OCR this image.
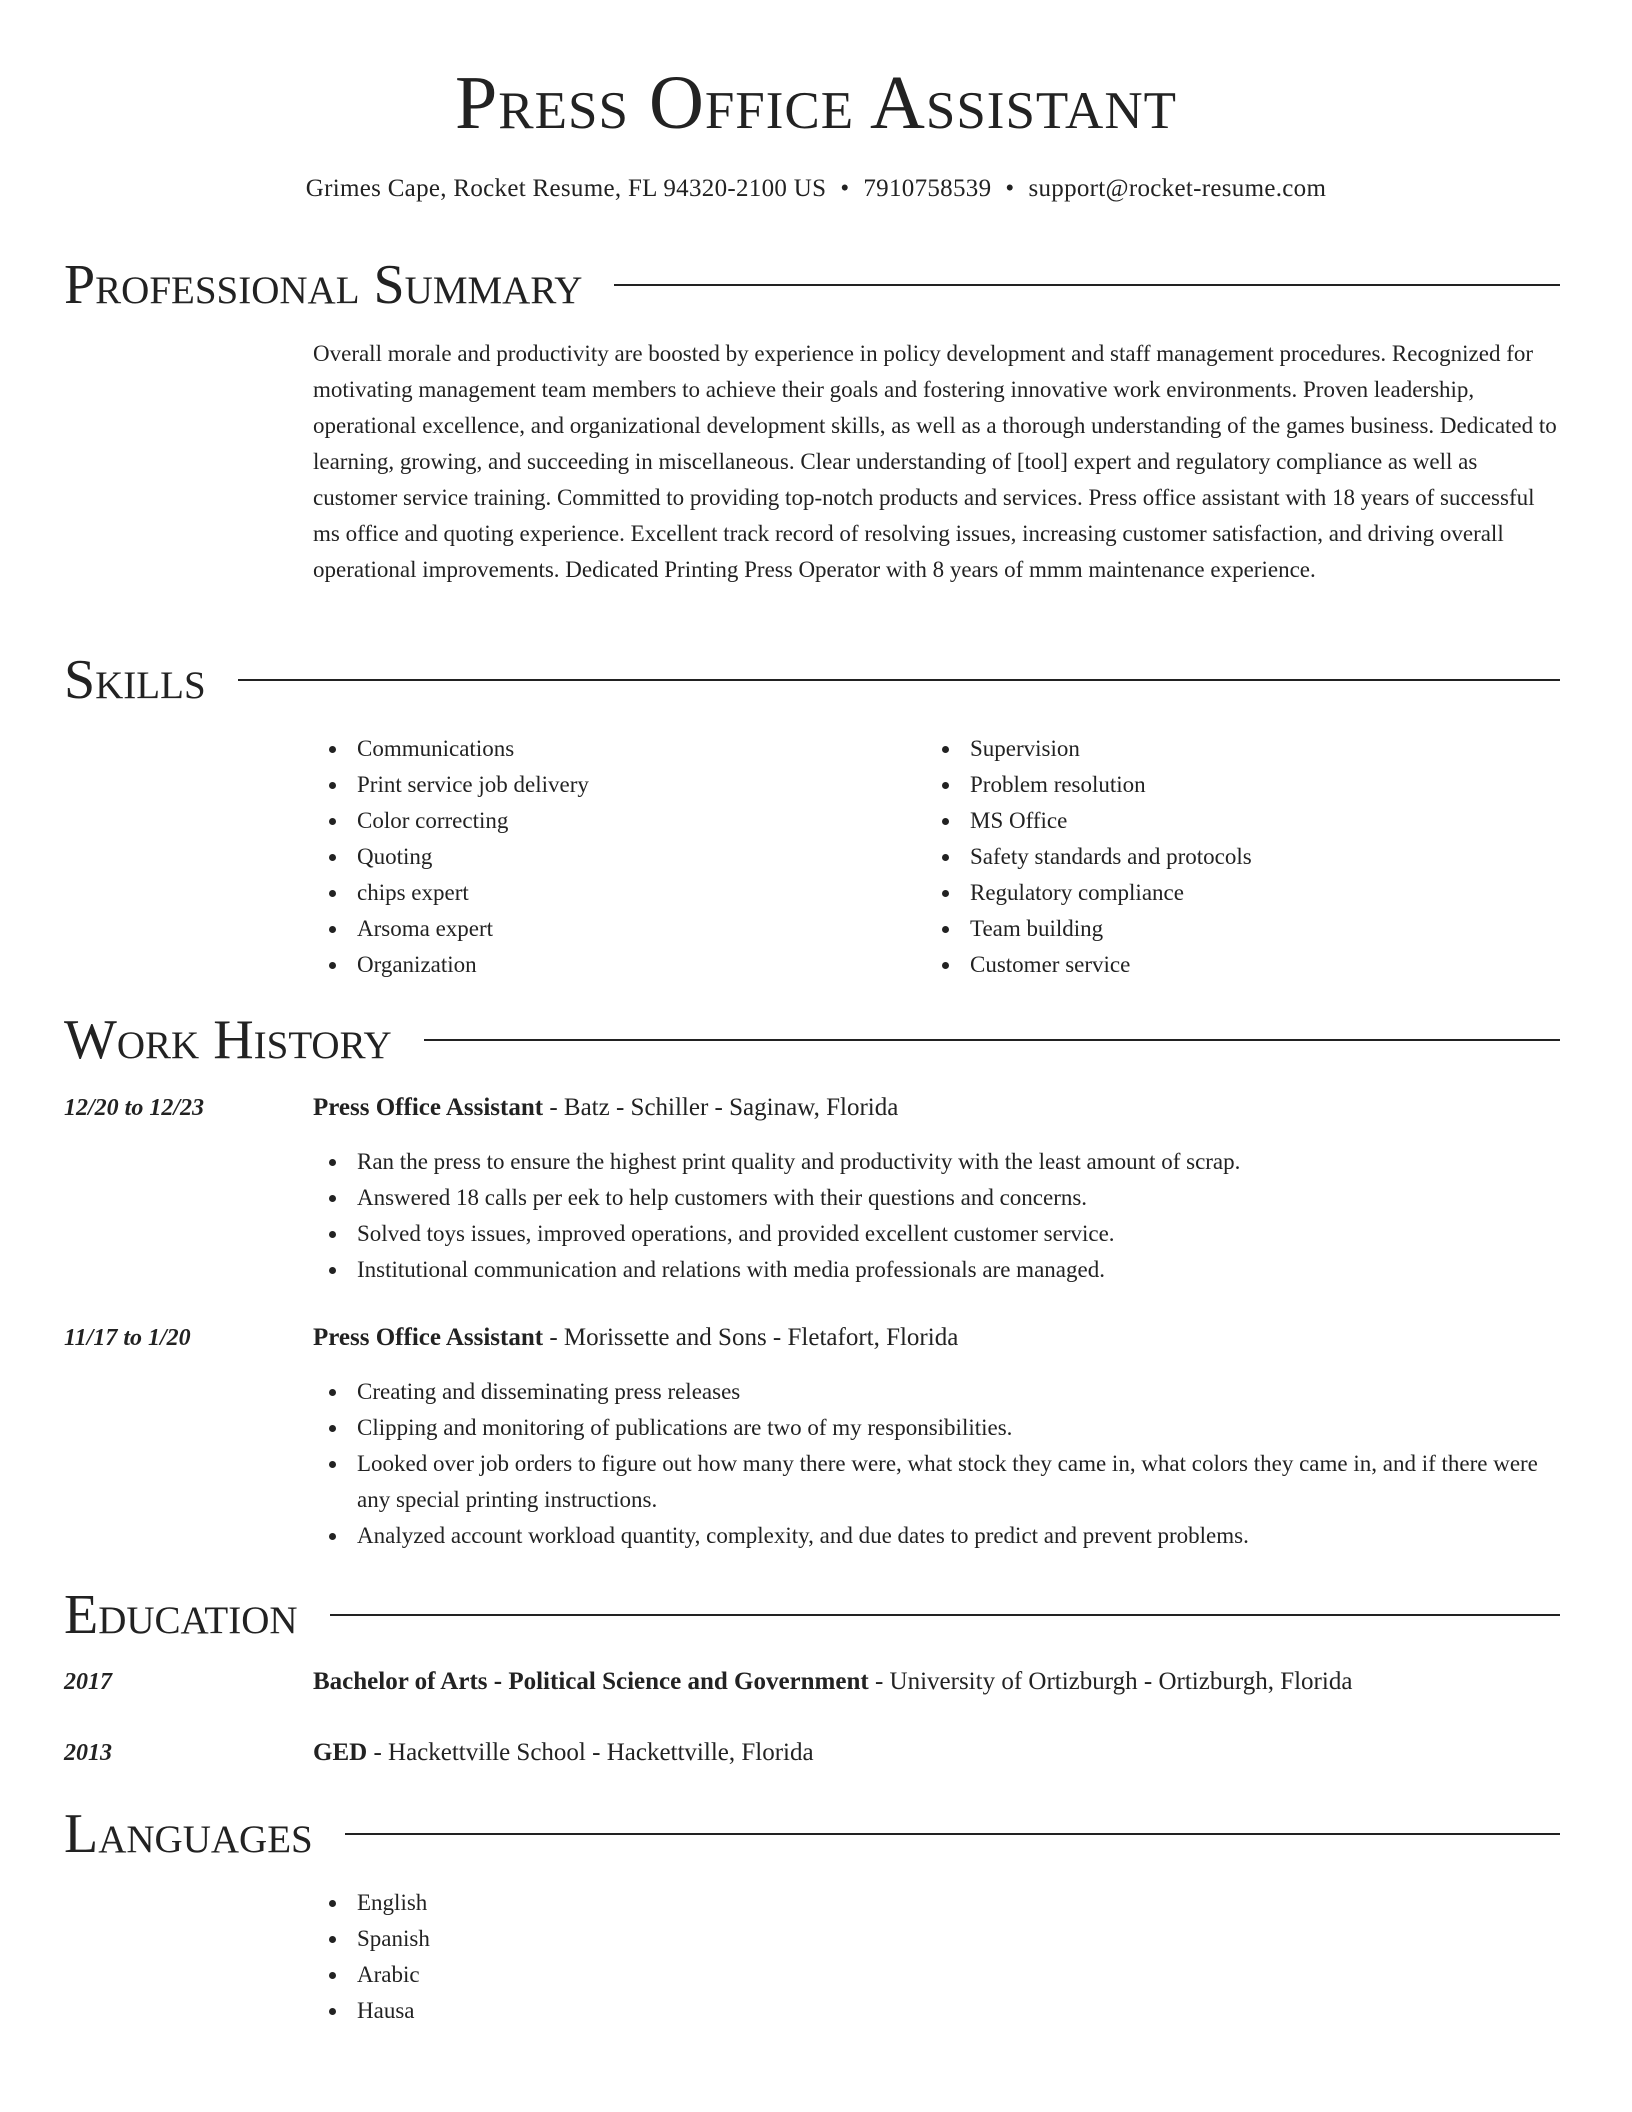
Press Office Assistant
Grimes Cape, Rocket Resume, FL 94320-2100 US • 7910758539 • support@rocket-resume.com
Professional Summary

Overall morale and productivity are boosted by experience in policy development and staff management procedures. Recognized for motivating management team members to achieve their goals and fostering innovative work environments. Proven leadership, operational excellence, and organizational development skills, as well as a thorough understanding of the games business. Dedicated to learning, growing, and succeeding in miscellaneous. Clear understanding of [tool] expert and regulatory compliance as well as customer service training. Committed to providing top-notch products and services. Press office assistant with 18 years of successful ms office and quoting experience. Excellent track record of resolving issues, increasing customer satisfaction, and driving overall operational improvements. Dedicated Printing Press Operator with 8 years of mmm maintenance experience.

Skills
Communications
Print service job delivery
Color correcting
Quoting
chips expert
Arsoma expert
Organization
Supervision
Problem resolution
MS Office
Safety standards and protocols
Regulatory compliance
Team building
Customer service
Work History
12/20 to 12/23	Press Office Assistant - Batz - Schiller - Saginaw, Florida
Ran the press to ensure the highest print quality and productivity with the least amount of scrap.
Answered 18 calls per eek to help customers with their questions and concerns.
Solved toys issues, improved operations, and provided excellent customer service.
Institutional communication and relations with media professionals are managed.
11/17 to 1/20	Press Office Assistant - Morissette and Sons - Fletafort, Florida
Creating and disseminating press releases
Clipping and monitoring of publications are two of my responsibilities.
Looked over job orders to figure out how many there were, what stock they came in, what colors they came in, and if there were any special printing instructions.
Analyzed account workload quantity, complexity, and due dates to predict and prevent problems.
Education
2017	Bachelor of Arts - Political Science and Government - University of Ortizburgh - Ortizburgh, Florida
2013	GED - Hackettville School - Hackettville, Florida
Languages
English
Spanish
Arabic
Hausa
